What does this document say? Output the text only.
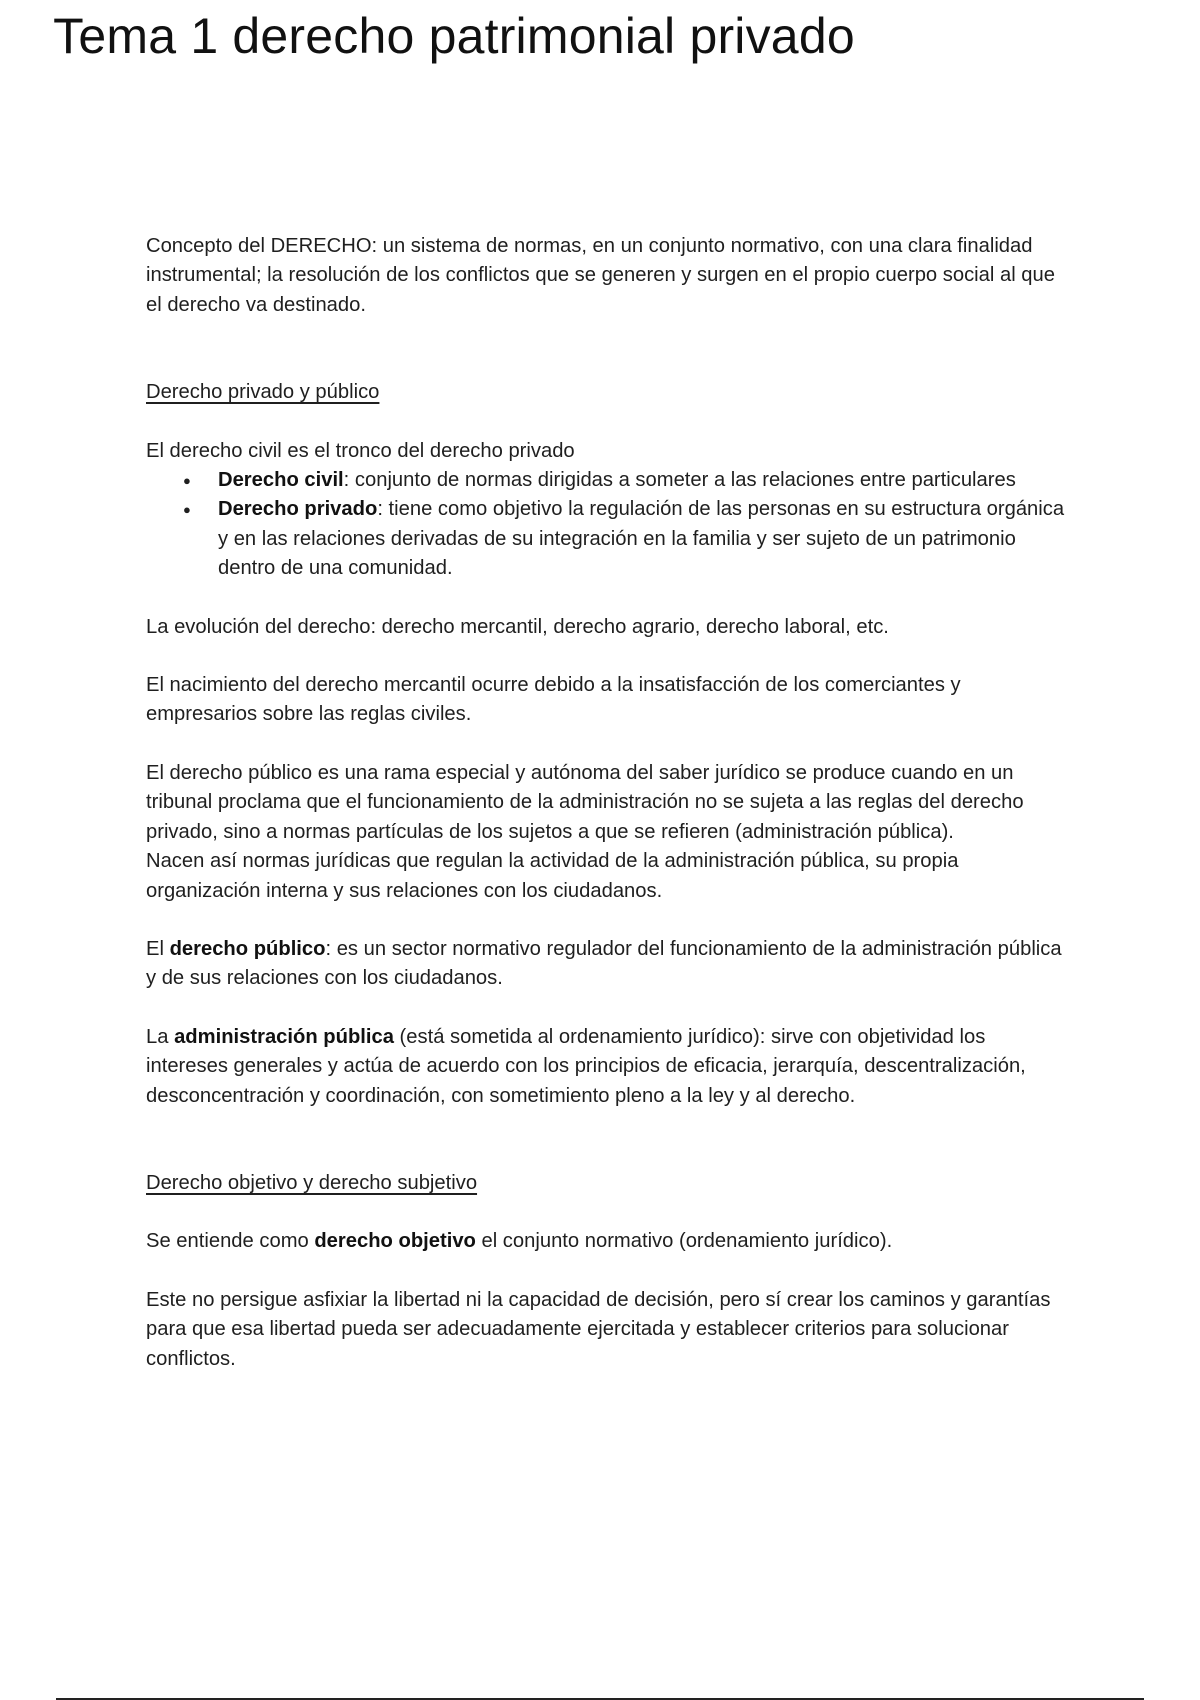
Tema 1 derecho patrimonial privado

Concepto del DERECHO: un sistema de normas, en un conjunto normativo, con una clara finalidad instrumental; la resolución de los conflictos que se generen y surgen en el propio cuerpo social al que el derecho va destinado.

Derecho privado y público

El derecho civil es el tronco del derecho privado

● Derecho civil: conjunto de normas dirigidas a someter a las relaciones entre particulares
● Derecho privado: tiene como objetivo la regulación de las personas en su estructura orgánica y en las relaciones derivadas de su integración en la familia y ser sujeto de un patrimonio dentro de una comunidad.

La evolución del derecho: derecho mercantil, derecho agrario, derecho laboral, etc.

El nacimiento del derecho mercantil ocurre debido a la insatisfacción de los comerciantes y empresarios sobre las reglas civiles.

El derecho público es una rama especial y autónoma del saber jurídico se produce cuando en un tribunal proclama que el funcionamiento de la administración no se sujeta a las reglas del derecho privado, sino a normas partículas de los sujetos a que se refieren (administración pública).

Nacen así normas jurídicas que regulan la actividad de la administración pública, su propia organización interna y sus relaciones con los ciudadanos.

El derecho público: es un sector normativo regulador del funcionamiento de la administración pública y de sus relaciones con los ciudadanos.

La administración pública (está sometida al ordenamiento jurídico): sirve con objetividad los intereses generales y actúa de acuerdo con los principios de eficacia, jerarquía, descentralización, desconcentración y coordinación, con sometimiento pleno a la ley y al derecho.

Derecho objetivo y derecho subjetivo

Se entiende como derecho objetivo el conjunto normativo (ordenamiento jurídico).

Este no persigue asfixiar la libertad ni la capacidad de decisión, pero sí crear los caminos y garantías para que esa libertad pueda ser adecuadamente ejercitada y establecer criterios para solucionar conflictos.
